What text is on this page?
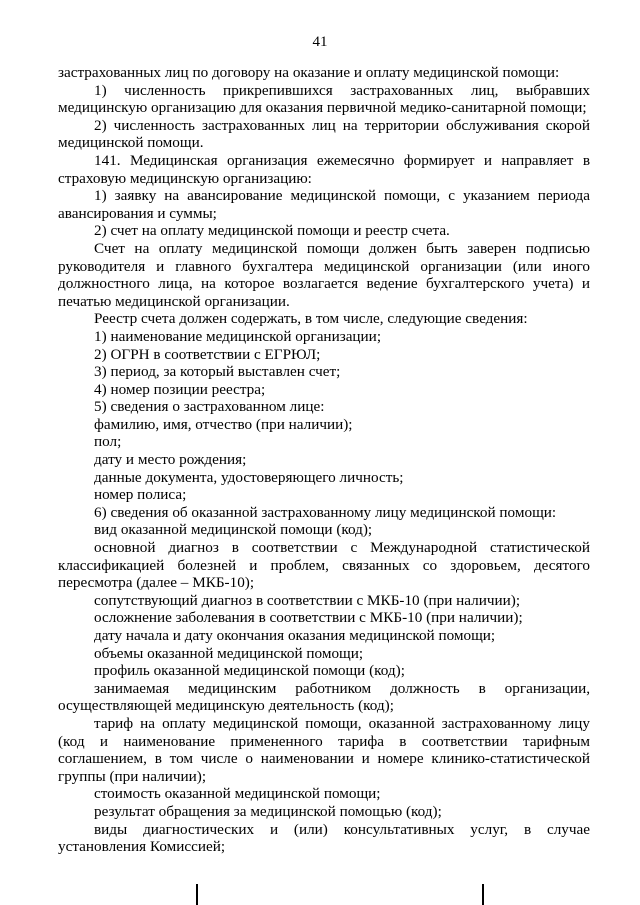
41

застрахованных лиц по договору на оказание и оплату медицинской помощи:

1) численность прикрепившихся застрахованных лиц, выбравших медицинскую организацию для оказания первичной медико-санитарной помощи;

2) численность застрахованных лиц на территории обслуживания скорой медицинской помощи.

141. Медицинская организация ежемесячно формирует и направляет в страховую медицинскую организацию:

1) заявку на авансирование медицинской помощи, с указанием периода авансирования и суммы;

2) счет на оплату медицинской помощи и реестр счета.

Счет на оплату медицинской помощи должен быть заверен подписью руководителя и главного бухгалтера медицинской организации (или иного должностного лица, на которое возлагается ведение бухгалтерского учета) и печатью медицинской организации.

Реестр счета должен содержать, в том числе, следующие сведения:

1) наименование медицинской организации;

2) ОГРН в соответствии с ЕГРЮЛ;

3) период, за который выставлен счет;

4) номер позиции реестра;

5) сведения о застрахованном лице:

фамилию, имя, отчество (при наличии);

пол;

дату и место рождения;

данные документа, удостоверяющего личность;

номер полиса;

6) сведения об оказанной застрахованному лицу медицинской помощи:

вид оказанной медицинской помощи (код);

основной диагноз в соответствии с Международной статистической классификацией болезней и проблем, связанных со здоровьем, десятого пересмотра (далее – МКБ-10);

сопутствующий диагноз в соответствии с МКБ-10 (при наличии);

осложнение заболевания в соответствии с МКБ-10 (при наличии);

дату начала и дату окончания оказания медицинской помощи;

объемы оказанной медицинской помощи;

профиль оказанной медицинской помощи (код);

занимаемая медицинским работником должность в организации, осуществляющей медицинскую деятельность (код);

тариф на оплату медицинской помощи, оказанной застрахованному лицу (код и наименование примененного тарифа в соответствии тарифным соглашением, в том числе о наименовании и номере клинико-статистической группы (при наличии);

стоимость оказанной медицинской помощи;

результат обращения за медицинской помощью (код);

виды диагностических и (или) консультативных услуг, в случае установления Комиссией;
